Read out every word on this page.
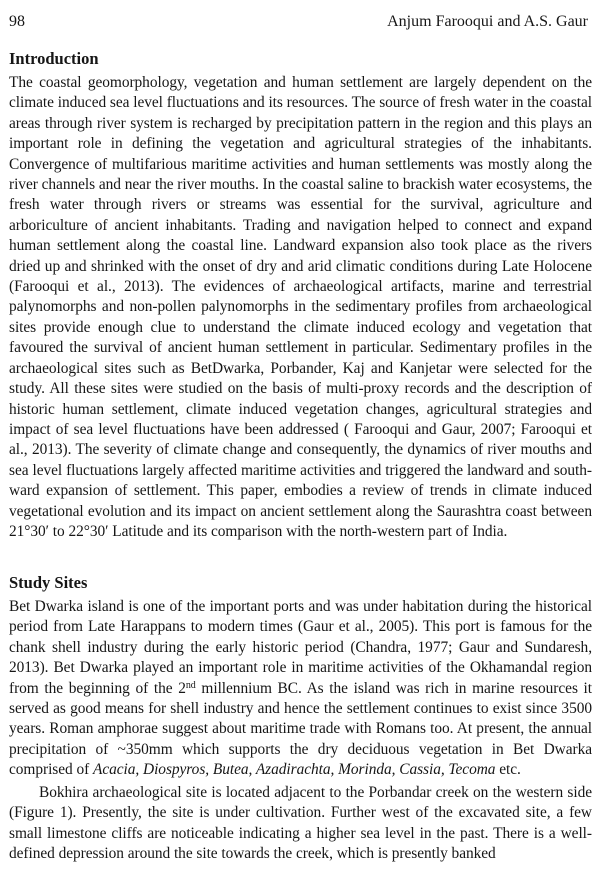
98	Anjum Farooqui and A.S. Gaur
Introduction

The coastal geomorphology, vegetation and human settlement are largely dependent on the climate induced sea level fluctuations and its resources. The source of fresh water in the coastal areas through river system is recharged by precipitation pattern in the region and this plays an important role in defining the vegetation and agricultural strategies of the inhabitants. Convergence of multifarious maritime activities and human settlements was mostly along the river channels and near the river mouths. In the coastal saline to brackish water ecosystems, the fresh water through rivers or streams was essential for the survival, agriculture and arboriculture of ancient inhabitants. Trading and navigation helped to connect and expand human settlement along the coastal line. Landward expansion also took place as the rivers dried up and shrinked with the onset of dry and arid climatic conditions during Late Holocene (Farooqui et al., 2013). The evidences of archaeological artifacts, marine and terrestrial palynomorphs and non-pollen palynomorphs in the sedimentary profiles from archaeological sites provide enough clue to understand the climate induced ecology and vegetation that favoured the survival of ancient human settlement in particular. Sedimentary profiles in the archaeological sites such as BetDwarka, Porbander, Kaj and Kanjetar were selected for the study. All these sites were studied on the basis of multi-proxy records and the description of historic human settlement, climate induced vegetation changes, agricultural strategies and impact of sea level fluctuations have been addressed ( Farooqui and Gaur, 2007; Farooqui et al., 2013). The severity of climate change and consequently, the dynamics of river mouths and sea level fluctuations largely affected maritime activities and triggered the landward and south-ward expansion of settlement. This paper, embodies a review of trends in climate induced vegetational evolution and its impact on ancient settlement along the Saurashtra coast between 21°30′ to 22°30′ Latitude and its comparison with the north-western part of India.

Study Sites

Bet Dwarka island is one of the important ports and was under habitation during the historical period from Late Harappans to modern times (Gaur et al., 2005). This port is famous for the chank shell industry during the early historic period (Chandra, 1977; Gaur and Sundaresh, 2013). Bet Dwarka played an important role in maritime activities of the Okhamandal region from the beginning of the 2nd millennium BC. As the island was rich in marine resources it served as good means for shell industry and hence the settlement continues to exist since 3500 years. Roman amphorae suggest about maritime trade with Romans too. At present, the annual precipitation of ~350mm which supports the dry deciduous vegetation in Bet Dwarka comprised of Acacia, Diospyros, Butea, Azadirachta, Morinda, Cassia, Tecoma etc.

Bokhira archaeological site is located adjacent to the Porbandar creek on the western side (Figure 1). Presently, the site is under cultivation. Further west of the excavated site, a few small limestone cliffs are noticeable indicating a higher sea level in the past. There is a well-defined depression around the site towards the creek, which is presently banked
